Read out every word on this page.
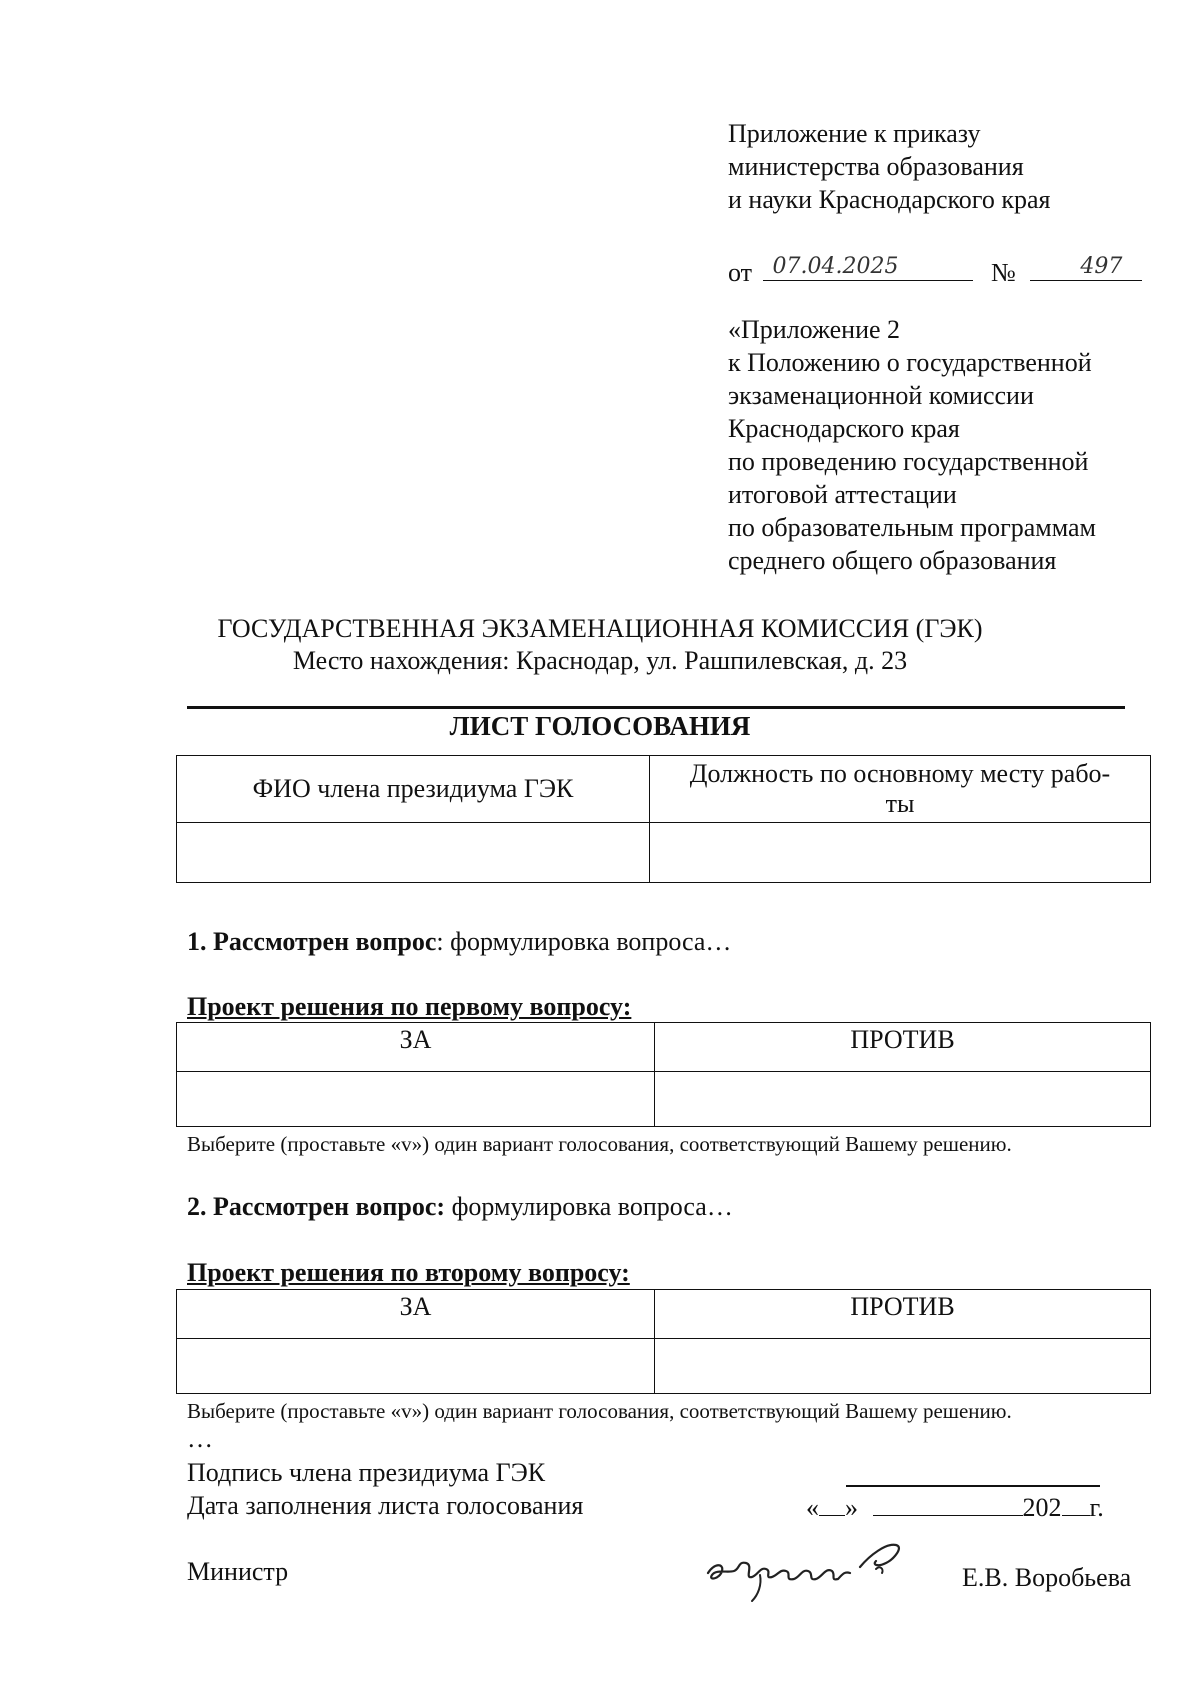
Приложение к приказу
министерства образования
и науки Краснодарского края
от 07.04.2025	№	497
«Приложение 2
к Положению о государственной
экзаменационной комиссии
Краснодарского края
по проведению государственной
итоговой аттестации
по образовательным программам
среднего общего образования
ГОСУДАРСТВЕННАЯ ЭКЗАМЕНАЦИОННАЯ КОМИССИЯ (ГЭК)
Место нахождения: Краснодар, ул. Рашпилевская, д. 23
ЛИСТ ГОЛОСОВАНИЯ
ФИО члена президиума ГЭК	Должность по основному месту рабо-
ты

1. Рассмотрен вопрос: формулировка вопроса…
Проект решения по первому вопросу:
ЗА	ПРОТИВ

Выберите (проставьте «v») один вариант голосования, соответствующий Вашему решению.
2. Рассмотрен вопрос: формулировка вопроса…
Проект решения по второму вопросу:
ЗА	ПРОТИВ

Выберите (проставьте «v») один вариант голосования, соответствующий Вашему решению.
…
Подпись члена президиума ГЭК
Дата заполнения листа голосования	« »	202 г.
Министр	Е.В. Воробьева
